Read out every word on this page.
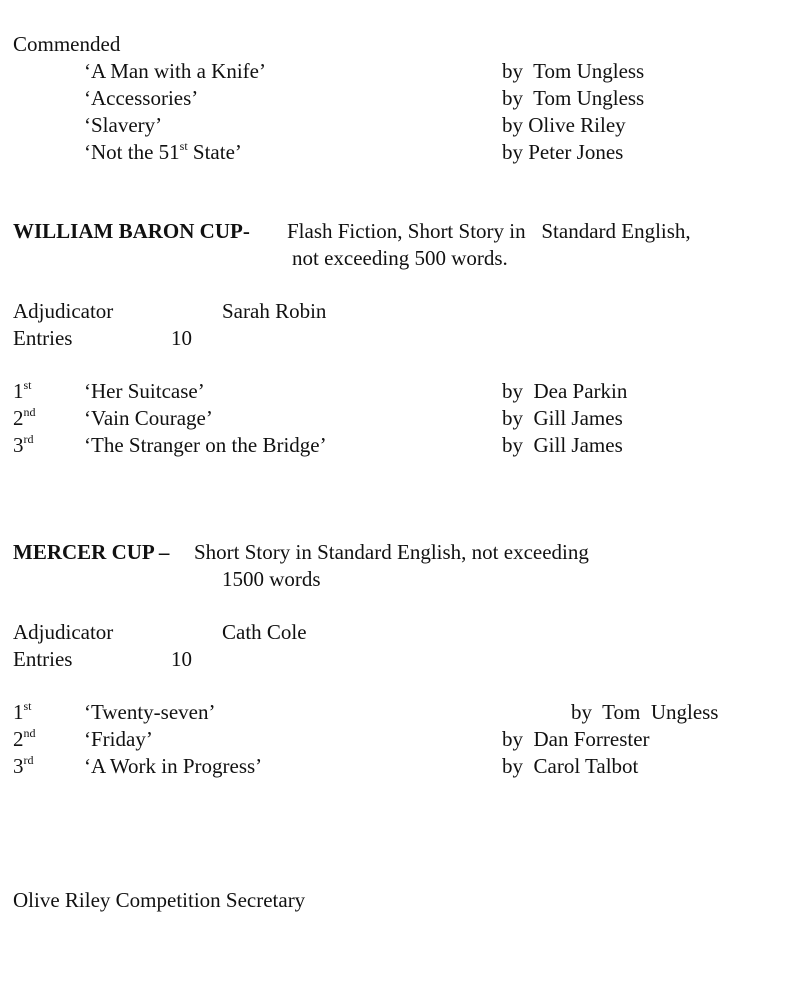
Commended
‘A Man with a Knife’	by  Tom Ungless
‘Accessories’	by  Tom Ungless
‘Slavery’	by Olive Riley
‘Not the 51st State’	by Peter Jones
WILLIAM BARON CUP- Flash Fiction, Short Story in   Standard English,
not exceeding 500 words.
Adjudicator	Sarah Robin
Entries	10
1st ‘Her Suitcase’	by  Dea Parkin
2nd ‘Vain Courage’	by  Gill James
3rd ‘The Stranger on the Bridge’	by  Gill James
MERCER CUP – Short Story in Standard English, not exceeding
1500 words
Adjudicator	Cath Cole
Entries	10
1st ‘Twenty-seven’	by  Tom  Ungless
2nd ‘Friday’	by  Dan Forrester
3rd ‘A Work in Progress’	by  Carol Talbot
Olive Riley Competition Secretary
